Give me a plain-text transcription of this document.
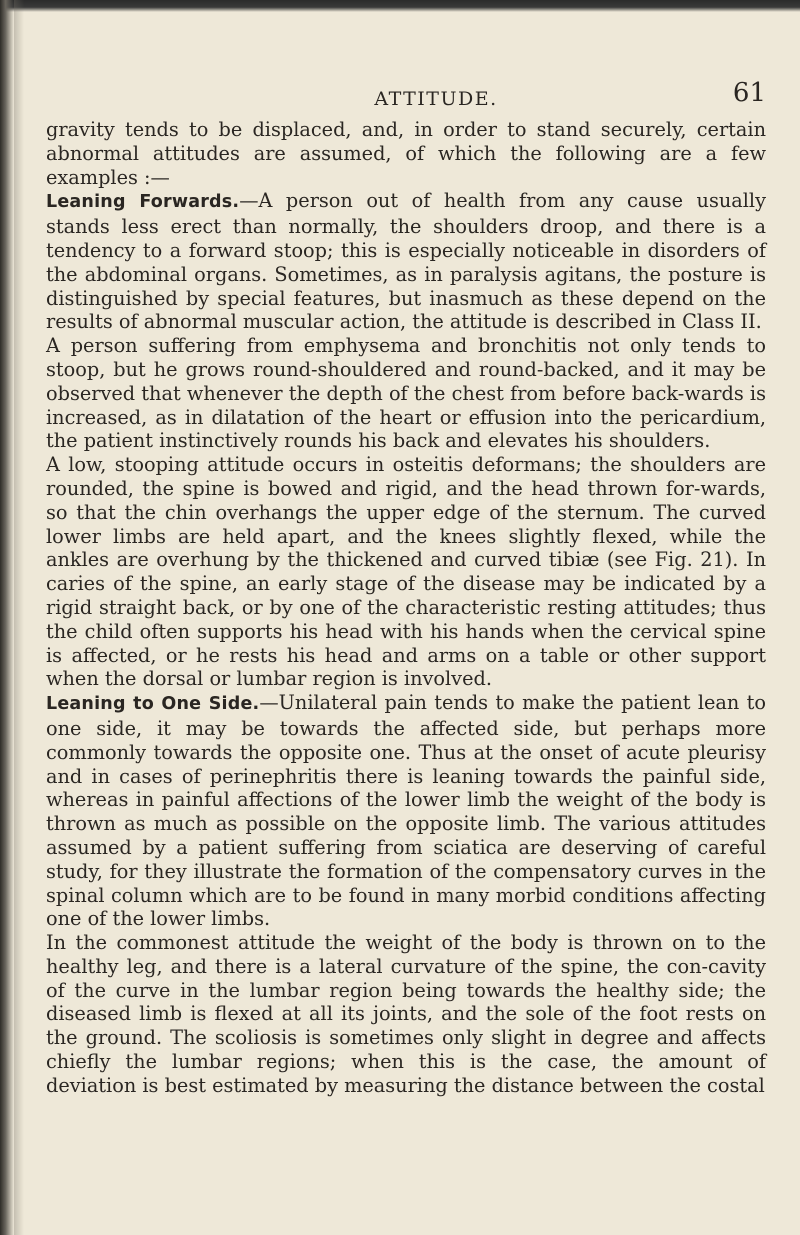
ATTITUDE.	61

gravity tends to be displaced, and, in order to stand securely, certain abnormal attitudes are assumed, of which the following are a few examples :—

Leaning Forwards.—A person out of health from any cause usually stands less erect than normally, the shoulders droop, and there is a tendency to a forward stoop; this is especially noticeable in disorders of the abdominal organs. Sometimes, as in paralysis agitans, the posture is distinguished by special features, but inasmuch as these depend on the results of abnormal muscular action, the attitude is described in Class II.

A person suffering from emphysema and bronchitis not only tends to stoop, but he grows round-shouldered and round-backed, and it may be observed that whenever the depth of the chest from before back-wards is increased, as in dilatation of the heart or effusion into the pericardium, the patient instinctively rounds his back and elevates his shoulders.

A low, stooping attitude occurs in osteitis deformans; the shoulders are rounded, the spine is bowed and rigid, and the head thrown for-wards, so that the chin overhangs the upper edge of the sternum. The curved lower limbs are held apart, and the knees slightly flexed, while the ankles are overhung by the thickened and curved tibiæ (see Fig. 21). In caries of the spine, an early stage of the disease may be indicated by a rigid straight back, or by one of the characteristic resting attitudes; thus the child often supports his head with his hands when the cervical spine is affected, or he rests his head and arms on a table or other support when the dorsal or lumbar region is involved.

Leaning to One Side.—Unilateral pain tends to make the patient lean to one side, it may be towards the affected side, but perhaps more commonly towards the opposite one. Thus at the onset of acute pleurisy and in cases of perinephritis there is leaning towards the painful side, whereas in painful affections of the lower limb the weight of the body is thrown as much as possible on the opposite limb. The various attitudes assumed by a patient suffering from sciatica are deserving of careful study, for they illustrate the formation of the compensatory curves in the spinal column which are to be found in many morbid conditions affecting one of the lower limbs.

In the commonest attitude the weight of the body is thrown on to the healthy leg, and there is a lateral curvature of the spine, the con-cavity of the curve in the lumbar region being towards the healthy side; the diseased limb is flexed at all its joints, and the sole of the foot rests on the ground. The scoliosis is sometimes only slight in degree and affects chiefly the lumbar regions; when this is the case, the amount of deviation is best estimated by measuring the distance between the costal
